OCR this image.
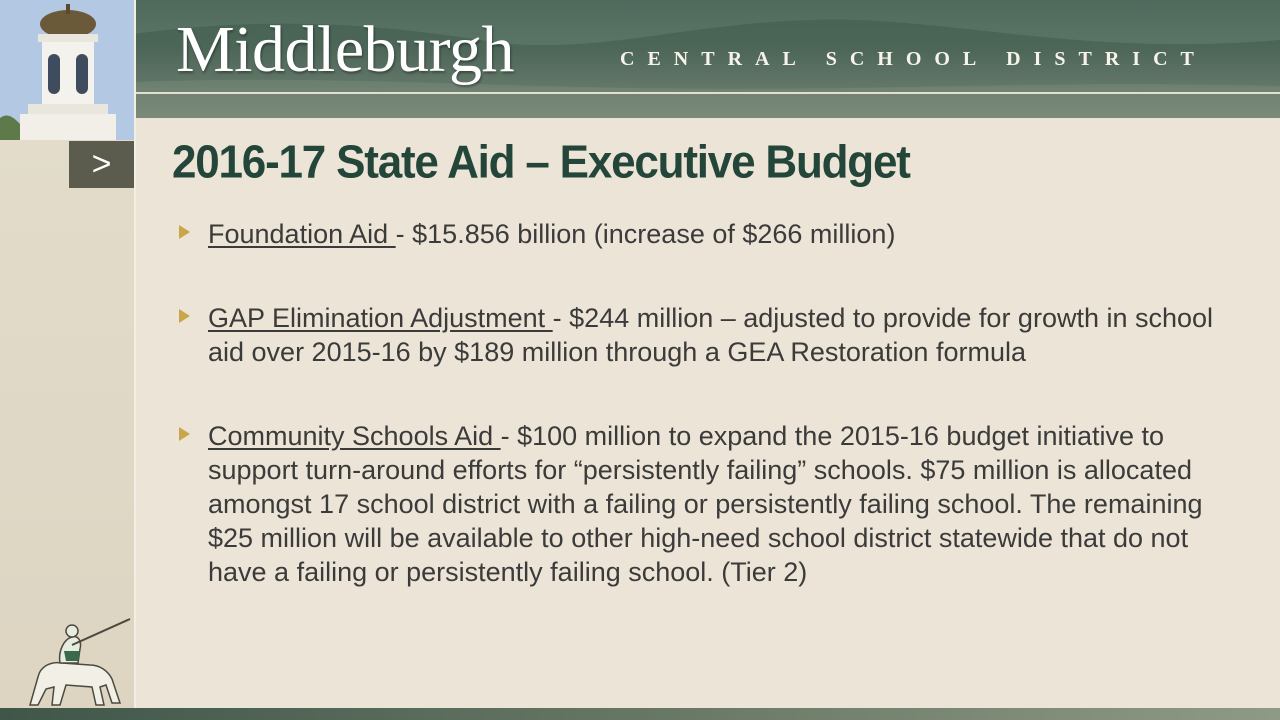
Middleburgh	CENTRAL SCHOOL DISTRICT
>	2016-17 State Aid – Executive Budget

Foundation Aid - $15.856 billion (increase of $266 million)

GAP Elimination Adjustment - $244 million – adjusted to provide for growth in school aid over 2015-16 by $189 million through a GEA Restoration formula

Community Schools Aid - $100 million to expand the 2015-16 budget initiative to support turn-around efforts for “persistently failing” schools. $75 million is allocated amongst 17 school district with a failing or persistently failing school. The remaining $25 million will be available to other high-need school district statewide that do not have a failing or persistently failing school. (Tier 2)
